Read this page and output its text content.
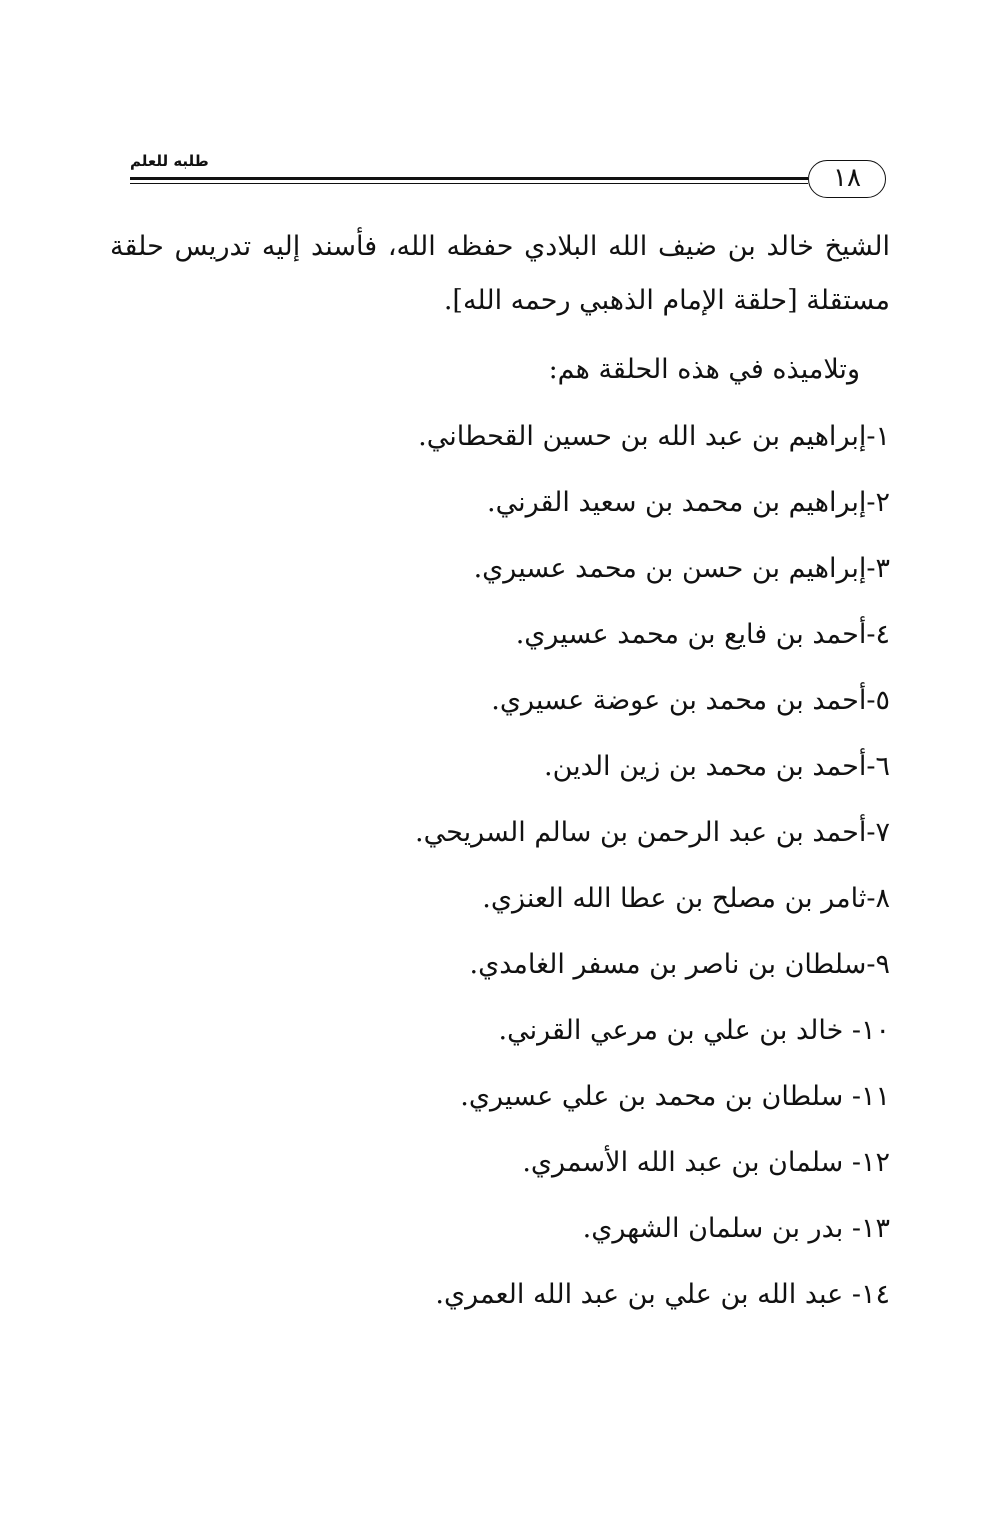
طلبه للعلم
١٨

الشيخ خالد بن ضيف الله البلادي حفظه الله، فأسند إليه تدريس حلقة مستقلة [حلقة الإمام الذهبي رحمه الله].

وتلاميذه في هذه الحلقة هم:
١-إبراهيم بن عبد الله بن حسين القحطاني.
٢-إبراهيم بن محمد بن سعيد القرني.
٣-إبراهيم بن حسن بن محمد عسيري.
٤-أحمد بن فايع بن محمد عسيري.
٥-أحمد بن محمد بن عوضة عسيري.
٦-أحمد بن محمد بن زين الدين.
٧-أحمد بن عبد الرحمن بن سالم السريحي.
٨-ثامر بن مصلح بن عطا الله العنزي.
٩-سلطان بن ناصر بن مسفر الغامدي.
١٠- خالد بن علي بن مرعي القرني.
١١- سلطان بن محمد بن علي عسيري.
١٢- سلمان بن عبد الله الأسمري.
١٣- بدر بن سلمان الشهري.
١٤- عبد الله بن علي بن عبد الله العمري.
